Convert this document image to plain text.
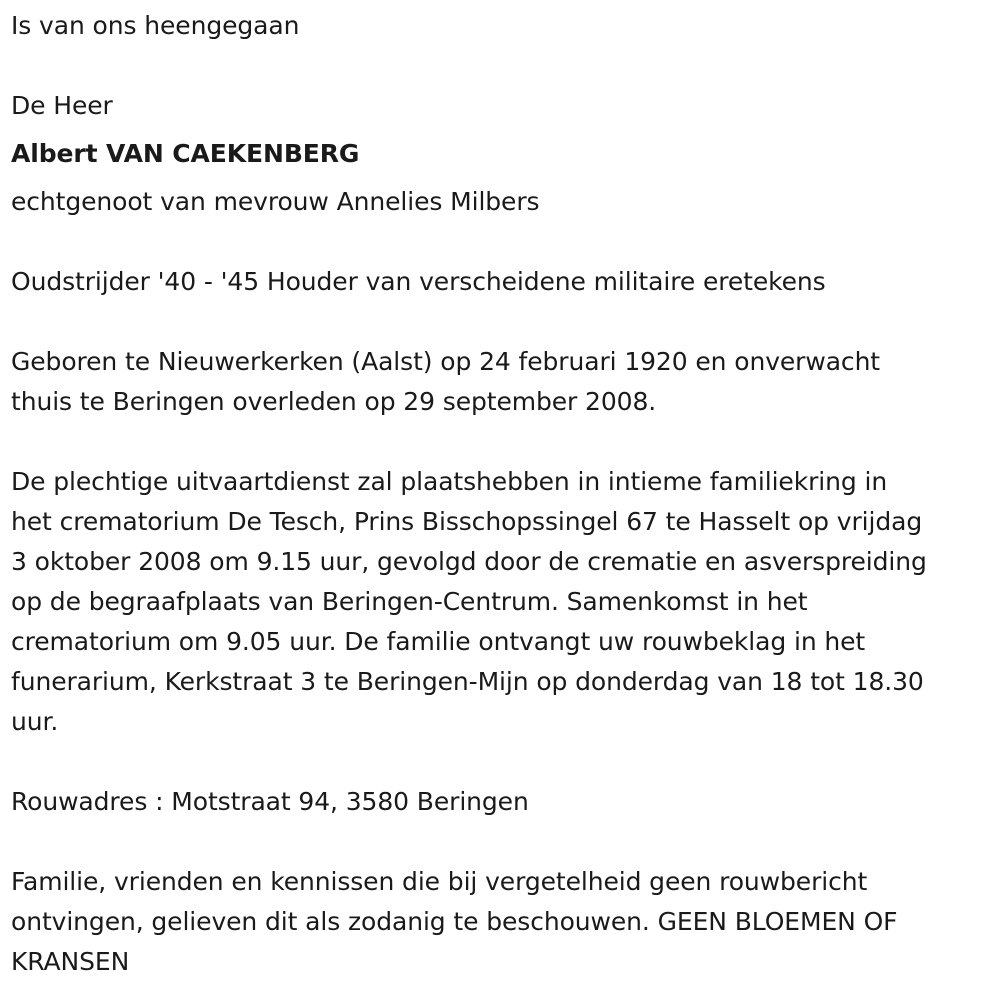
Is van ons heengegaan

De Heer

Albert VAN CAEKENBERG

echtgenoot van mevrouw Annelies Milbers

Oudstrijder '40 - '45 Houder van verscheidene militaire eretekens

Geboren te Nieuwerkerken (Aalst) op 24 februari 1920 en onverwacht

thuis te Beringen overleden op 29 september 2008.

De plechtige uitvaartdienst zal plaatshebben in intieme familiekring in

het crematorium De Tesch, Prins Bisschopssingel 67 te Hasselt op vrijdag

3 oktober 2008 om 9.15 uur, gevolgd door de crematie en asverspreiding

op de begraafplaats van Beringen-Centrum. Samenkomst in het

crematorium om 9.05 uur. De familie ontvangt uw rouwbeklag in het

funerarium, Kerkstraat 3 te Beringen-Mijn op donderdag van 18 tot 18.30

uur.

Rouwadres : Motstraat 94, 3580 Beringen

Familie, vrienden en kennissen die bij vergetelheid geen rouwbericht

ontvingen, gelieven dit als zodanig te beschouwen. GEEN BLOEMEN OF

KRANSEN
